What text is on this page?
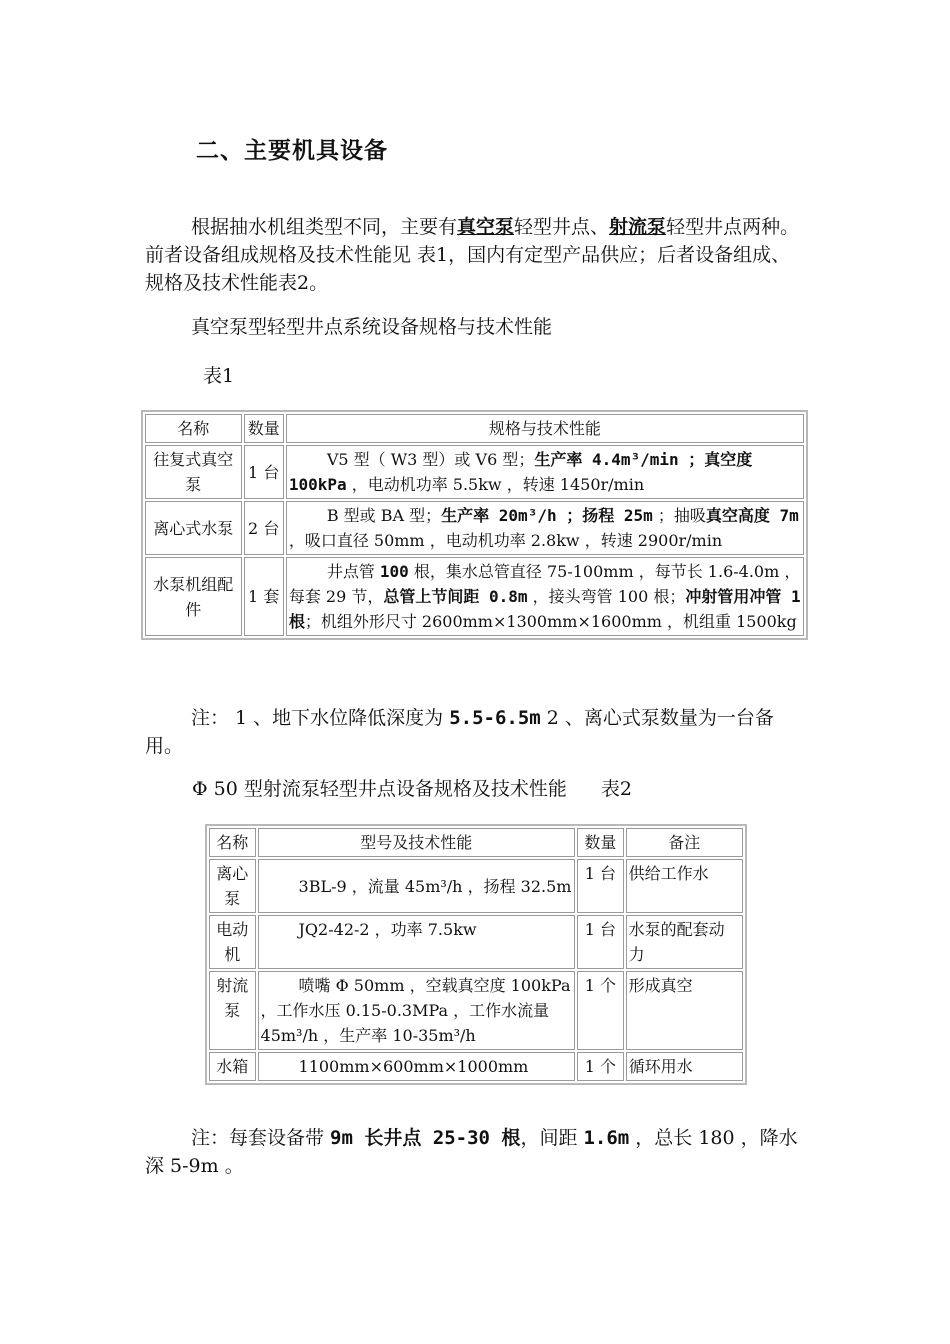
二、主要机具设备

根据抽水机组类型不同，主要有真空泵轻型井点、射流泵轻型井点两种。前者设备组成规格及技术性能见 表1，国内有定型产品供应；后者设备组成、规格及技术性能表2。

真空泵型轻型井点系统设备规格与技术性能

表1

名称	数量	规格与技术性能
往复式真空泵	1 台	V5 型（ W3 型）或 V6 型；生产率 4.4m³/min ；真空度 100kPa ，电动机功率 5.5kw ，转速 1450r/min
离心式水泵	2 台	B 型或 BA 型；生产率 20m³/h ；扬程 25m ；抽吸真空高度 7m ，吸口直径 50mm ，电动机功率 2.8kw ，转速 2900r/min
水泵机组配件	1 套	井点管 100 根，集水总管直径 75-100mm ，每节长 1.6-4.0m ，每套 29 节，总管上节间距 0.8m ，接头弯管 100 根；冲射管用冲管 1 根；机组外形尺寸 2600mm×1300mm×1600mm ，机组重 1500kg

注： 1 、地下水位降低深度为 5.5-6.5m 2 、离心式泵数量为一台备用。

Φ 50 型射流泵轻型井点设备规格及技术性能 表2

名称	型号及技术性能	数量	备注
离心泵	3BL-9 ，流量 45m³/h ，扬程 32.5m	1 台	供给工作水
电动机	JQ2-42-2 ，功率 7.5kw	1 台	水泵的配套动力
射流泵	喷嘴 Φ 50mm ，空载真空度 100kPa ，工作水压 0.15-0.3MPa ，工作水流量 45m³/h ，生产率 10-35m³/h	1 个	形成真空
水箱	1100mm×600mm×1000mm	1 个	循环用水

注：每套设备带 9m 长井点 25-30 根，间距 1.6m ，总长 180 ，降水深 5-9m 。
